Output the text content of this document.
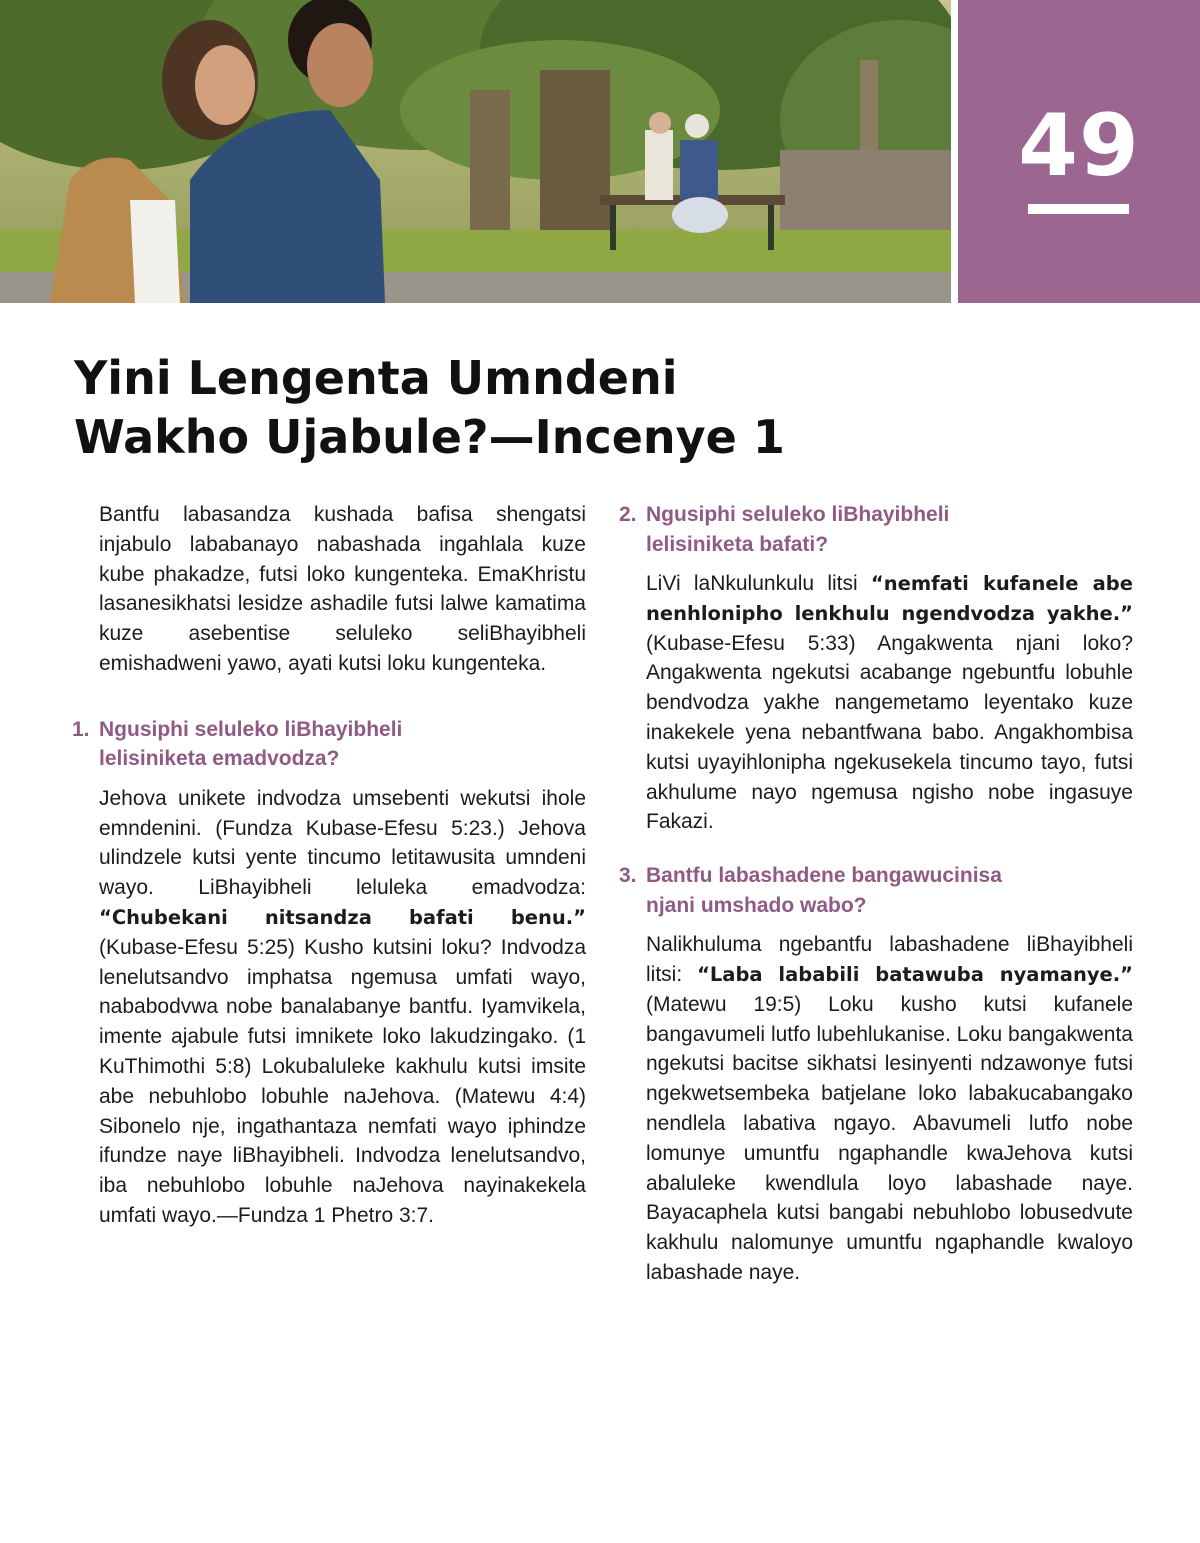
49
Yini Lengenta Umndeni
Wakho Ujabule?—Incenye 1

Bantfu labasandza kushada bafisa shengatsi injabulo lababanayo nabashada ingahlala kuze kube phakadze, futsi loko kungenteka. EmaKhristu lasanesikhatsi lesidze ashadile futsi lalwe kamatima kuze asebentise seluleko seliBhayibheli emishadweni yawo, ayati kutsi loku kungenteka.

1. Ngusiphi seluleko liBhayibheli
lelisiniketa emadvodza?

Jehova unikete indvodza umsebenti wekutsi ihole emndenini. (Fundza Kubase-Efesu 5:23.) Jehova ulindzele kutsi yente tincumo letitawusita umndeni wayo. LiBhayibheli leluleka emadvodza: “Chubekani nitsandza bafati benu.” (Kubase-Efesu 5:25) Kusho kutsini loku? Indvodza lenelutsandvo imphatsa ngemusa umfati wayo, nababodvwa nobe banalabanye bantfu. Iyamvikela, imente ajabule futsi imnikete loko lakudzingako. (1 KuThimothi 5:8) Lokubaluleke kakhulu kutsi imsite abe nebuhlobo lobuhle naJehova. (Matewu 4:4) Sibonelo nje, ingathantaza nemfati wayo iphindze ifundze naye liBhayibheli. Indvodza lenelutsandvo, iba nebuhlobo lobuhle naJehova nayinakekela umfati wayo.—Fundza 1 Phetro 3:7.

2. Ngusiphi seluleko liBhayibheli
lelisiniketa bafati?

LiVi laNkulunkulu litsi “nemfati kufanele abe nenhlonipho lenkhulu ngendvodza yakhe.” (Kubase-Efesu 5:33) Angakwenta njani loko? Angakwenta ngekutsi acabange ngebuntfu lobuhle bendvodza yakhe nangemetamo leyentako kuze inakekele yena nebantfwana babo. Angakhombisa kutsi uyayihlonipha ngekusekela tincumo tayo, futsi akhulume nayo ngemusa ngisho nobe ingasuye Fakazi.

3. Bantfu labashadene bangawucinisa
njani umshado wabo?

Nalikhuluma ngebantfu labashadene liBhayibheli litsi: “Laba lababili batawuba nyamanye.” (Matewu 19:5) Loku kusho kutsi kufanele bangavumeli lutfo lubehlukanise. Loku bangakwenta ngekutsi bacitse sikhatsi lesinyenti ndzawonye futsi ngekwetsembeka batjelane loko labakucabangako nendlela labativa ngayo. Abavumeli lutfo nobe lomunye umuntfu ngaphandle kwaJehova kutsi abaluleke kwendlula loyo labashade naye. Bayacaphela kutsi bangabi nebuhlobo lobusedvute kakhulu nalomunye umuntfu ngaphandle kwaloyo labashade naye.
